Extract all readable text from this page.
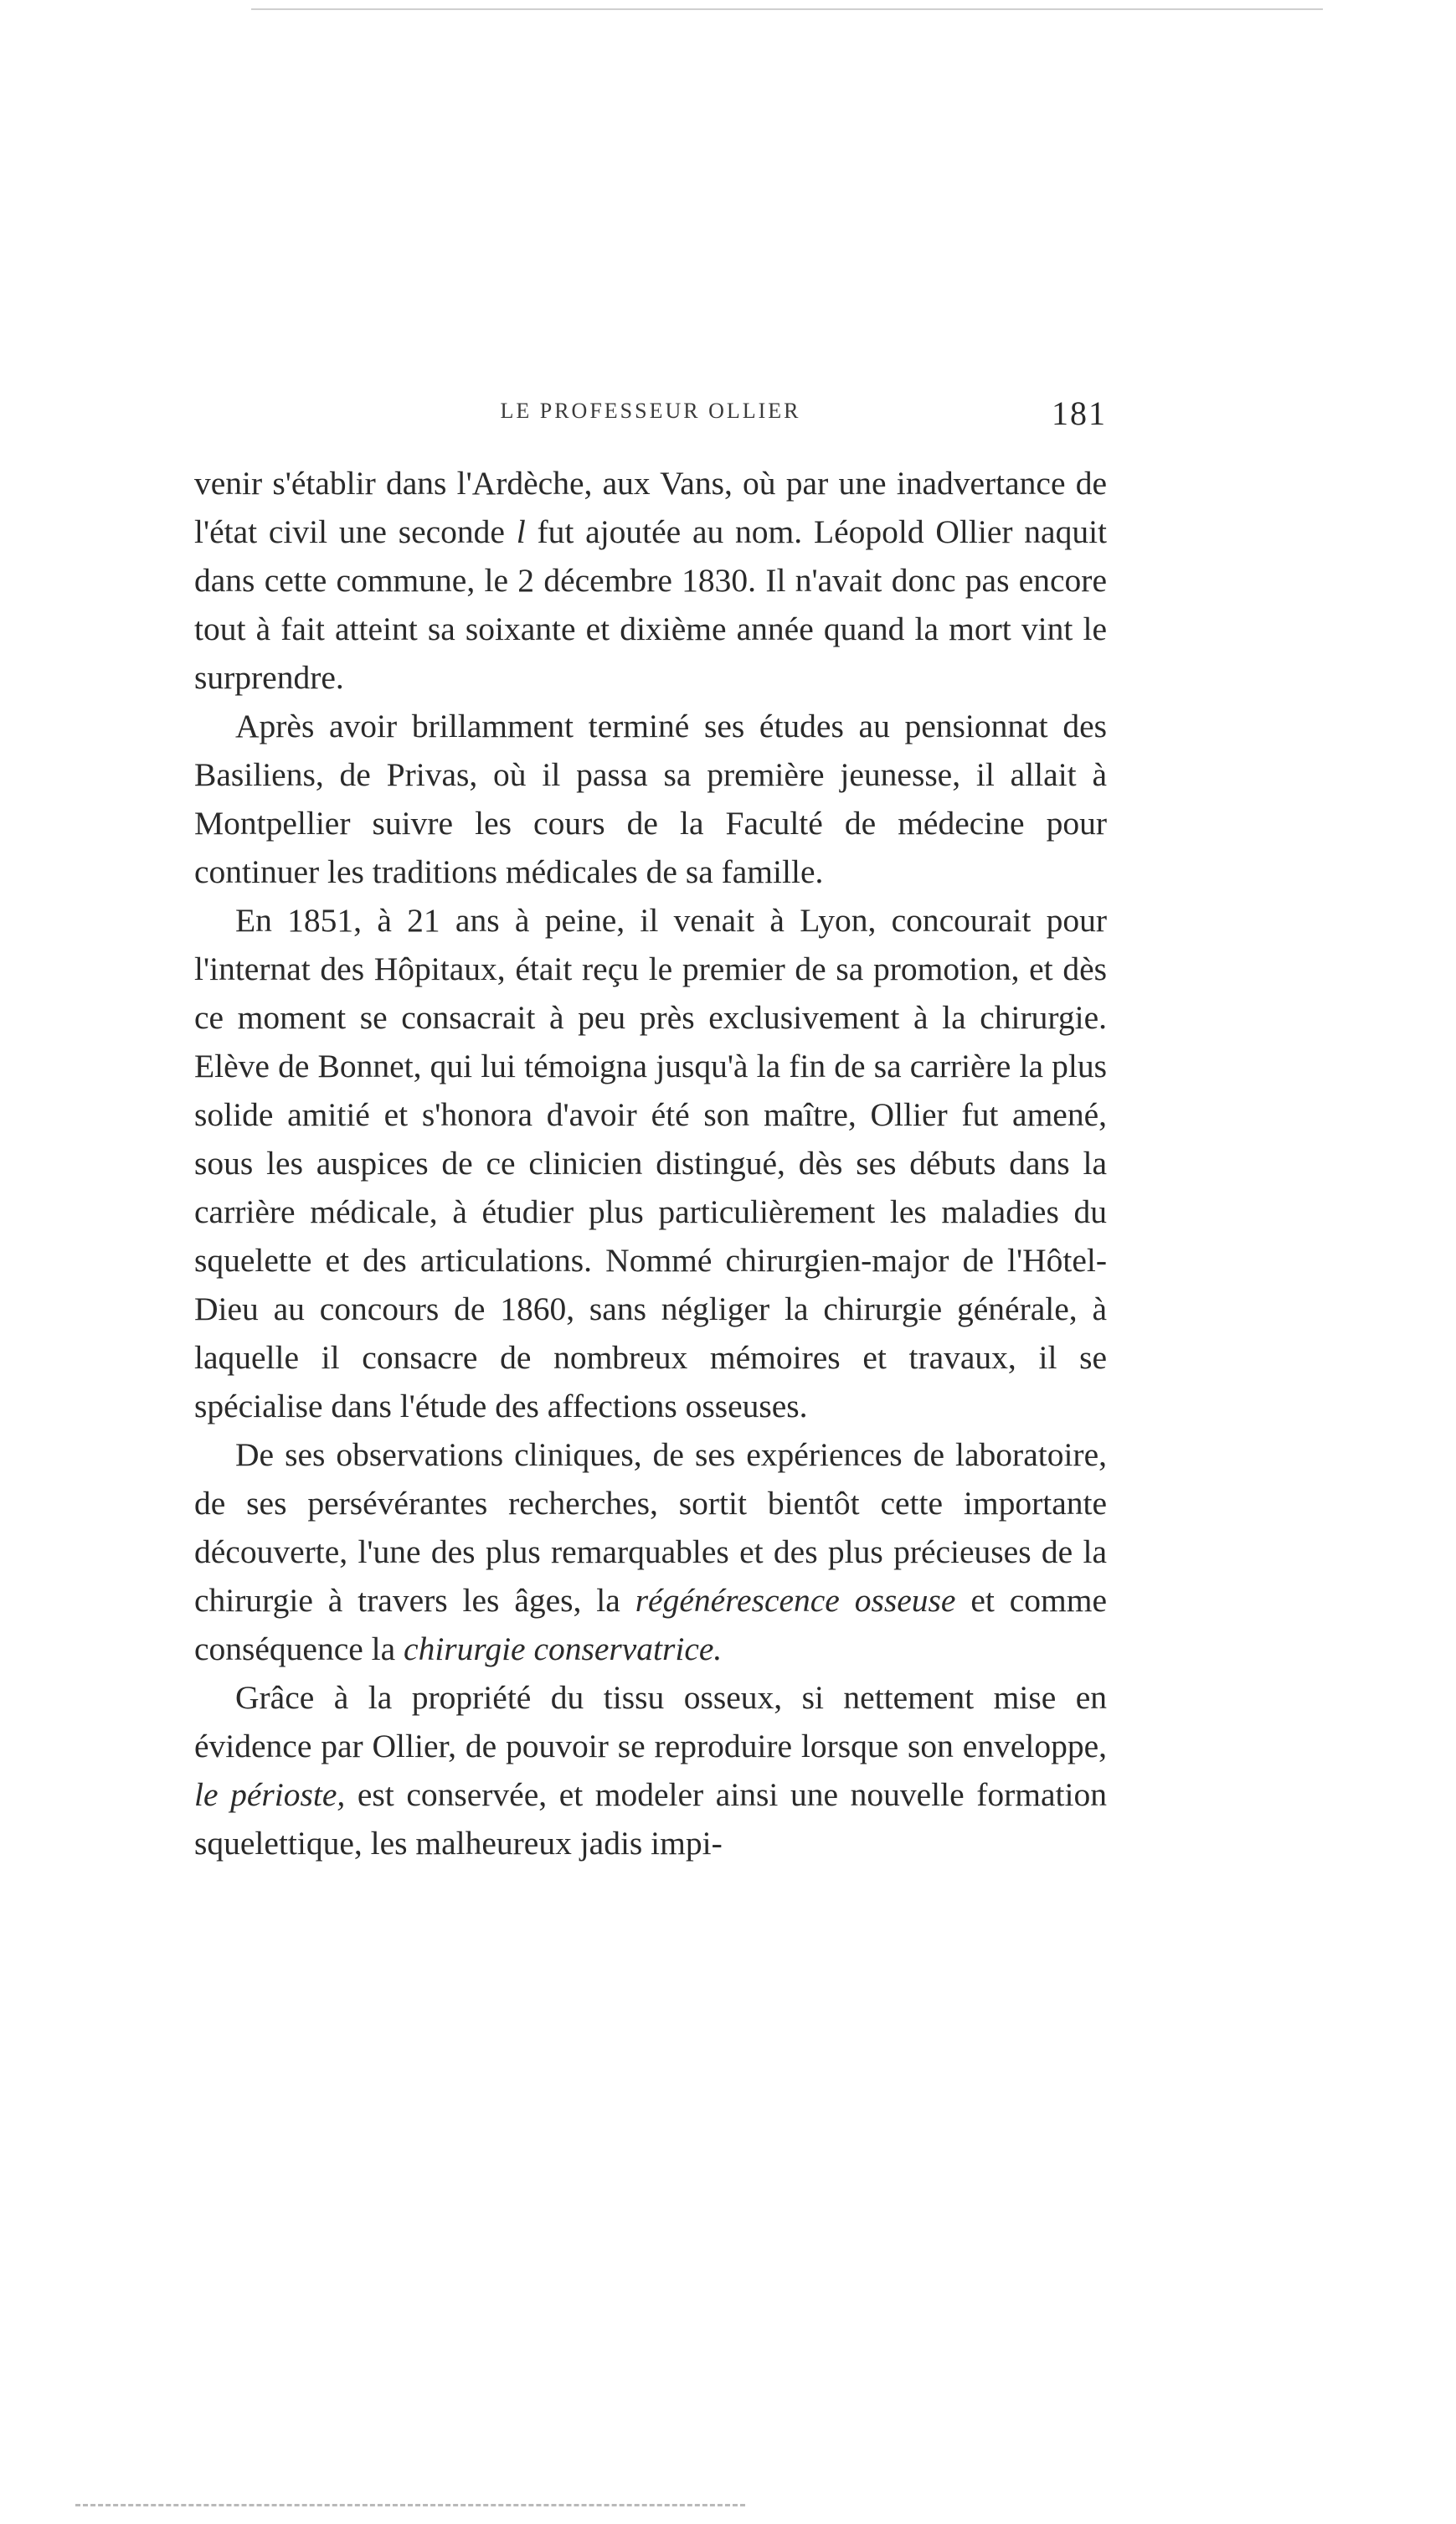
LE PROFESSEUR OLLIER	181

venir s'établir dans l'Ardèche, aux Vans, où par une inadvertance de l'état civil une seconde l fut ajoutée au nom. Léopold Ollier naquit dans cette commune, le 2 décembre 1830. Il n'avait donc pas encore tout à fait atteint sa soixante et dixième année quand la mort vint le surprendre.

Après avoir brillamment terminé ses études au pensionnat des Basiliens, de Privas, où il passa sa première jeunesse, il allait à Montpellier suivre les cours de la Faculté de médecine pour continuer les traditions médicales de sa famille.

En 1851, à 21 ans à peine, il venait à Lyon, concourait pour l'internat des Hôpitaux, était reçu le premier de sa promotion, et dès ce moment se consacrait à peu près exclusivement à la chirurgie. Elève de Bonnet, qui lui témoigna jusqu'à la fin de sa carrière la plus solide amitié et s'honora d'avoir été son maître, Ollier fut amené, sous les auspices de ce clinicien distingué, dès ses débuts dans la carrière médicale, à étudier plus particulièrement les maladies du squelette et des articulations. Nommé chirurgien-major de l'Hôtel-Dieu au concours de 1860, sans négliger la chirurgie générale, à laquelle il consacre de nombreux mémoires et travaux, il se spécialise dans l'étude des affections osseuses.

De ses observations cliniques, de ses expériences de laboratoire, de ses persévérantes recherches, sortit bientôt cette importante découverte, l'une des plus remarquables et des plus précieuses de la chirurgie à travers les âges, la régénérescence osseuse et comme conséquence la chirurgie conservatrice.

Grâce à la propriété du tissu osseux, si nettement mise en évidence par Ollier, de pouvoir se reproduire lorsque son enveloppe, le périoste, est conservée, et modeler ainsi une nouvelle formation squelettique, les malheureux jadis impi-
